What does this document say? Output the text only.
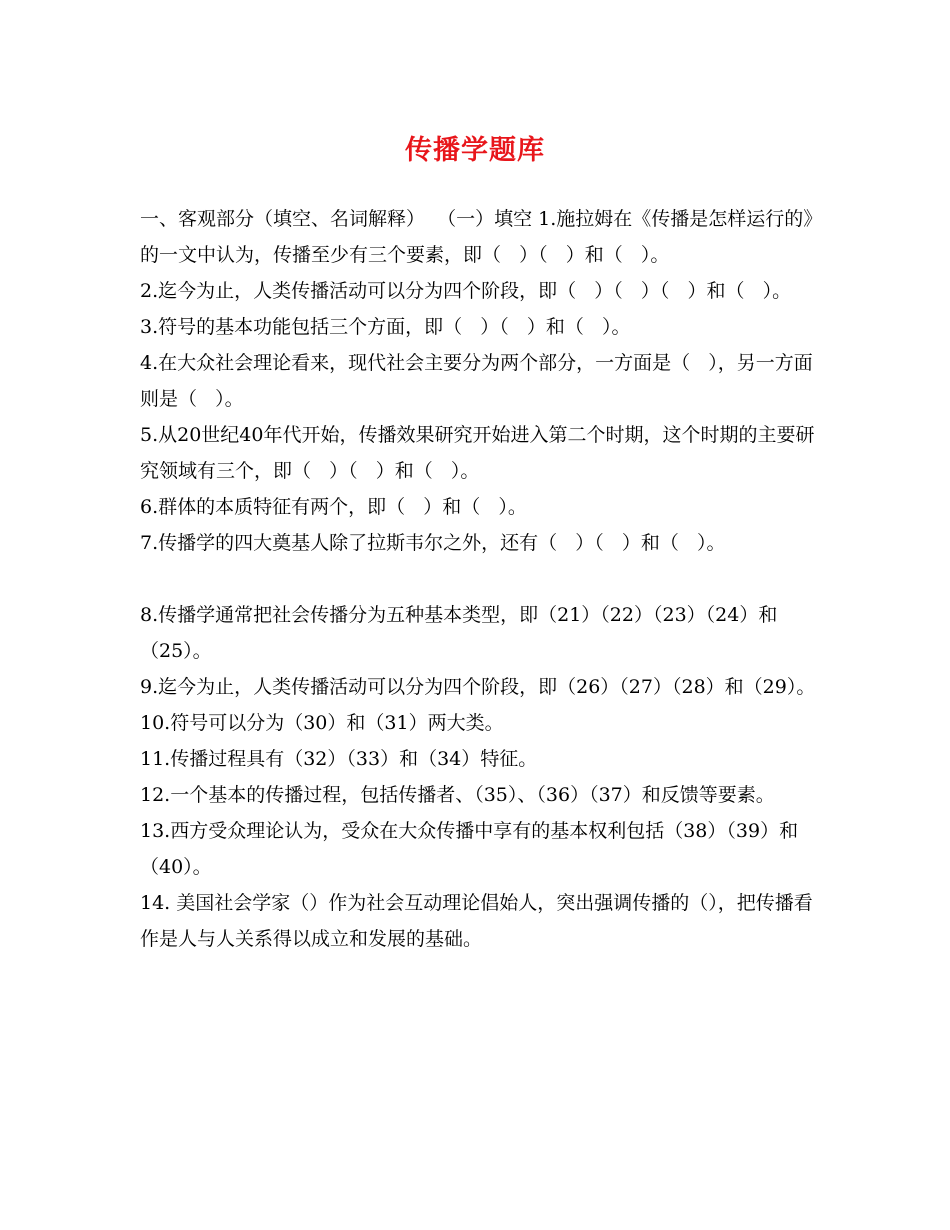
传播学题库

一、客观部分（填空、名词解释）  （一）填空 1.施拉姆在《传播是怎样运行的》的一文中认为，传播至少有三个要素，即（   ）（   ）和（   ）。

2.迄今为止，人类传播活动可以分为四个阶段，即（   ）（   ）（   ）和（   ）。

3.符号的基本功能包括三个方面，即（   ）（   ）和（   ）。

4.在大众社会理论看来，现代社会主要分为两个部分，一方面是（   ），另一方面则是（   ）。

5.从20世纪40年代开始，传播效果研究开始进入第二个时期，这个时期的主要研究领域有三个，即（   ）（   ）和（   ）。

6.群体的本质特征有两个，即（   ）和（   ）。

7.传播学的四大奠基人除了拉斯韦尔之外，还有（   ）（   ）和（   ）。

8.传播学通常把社会传播分为五种基本类型，即（21）（22）（23）（24）和（25）。

9.迄今为止，人类传播活动可以分为四个阶段，即（26）（27）（28）和（29）。

10.符号可以分为（30）和（31）两大类。

11.传播过程具有（32）（33）和（34）特征。

12.一个基本的传播过程，包括传播者、（35）、（36）（37）和反馈等要素。

13.西方受众理论认为，受众在大众传播中享有的基本权利包括（38）（39）和（40）。

14. 美国社会学家（）作为社会互动理论倡始人，突出强调传播的（），把传播看作是人与人关系得以成立和发展的基础。
